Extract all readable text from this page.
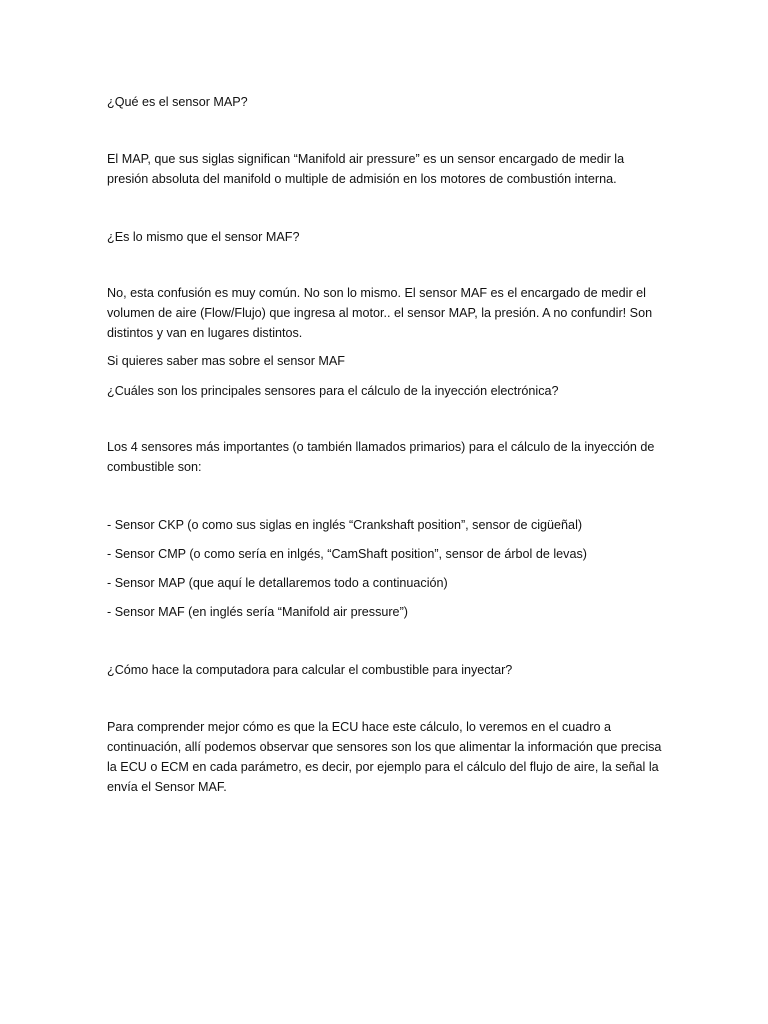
¿Qué es el sensor MAP?

El MAP, que sus siglas significan “Manifold air pressure” es un sensor encargado de medir la presión absoluta del manifold o multiple de admisión en los motores de combustión interna.

¿Es lo mismo que el sensor MAF?

No, esta confusión es muy común. No son lo mismo. El sensor MAF es el encargado de medir el volumen de aire (Flow/Flujo) que ingresa al motor.. el sensor MAP, la presión. A no confundir! Son distintos y van en lugares distintos.

Si quieres saber mas sobre el sensor MAF

¿Cuáles son los principales sensores para el cálculo de la inyección electrónica?

Los 4 sensores más importantes (o también llamados primarios) para el cálculo de la inyección de combustible son:

- Sensor CKP (o como sus siglas en inglés “Crankshaft position”, sensor de cigüeñal)

- Sensor CMP (o como sería en inlgés, “CamShaft position”, sensor de árbol de levas)

- Sensor MAP (que aquí le detallaremos todo a continuación)

- Sensor MAF (en inglés sería “Manifold air pressure”)

¿Cómo hace la computadora para calcular el combustible para inyectar?

Para comprender mejor cómo es que la ECU hace este cálculo, lo veremos en el cuadro a continuación, allí podemos observar que sensores son los que alimentar la información que precisa la ECU o ECM en cada parámetro, es decir, por ejemplo para el cálculo del flujo de aire, la señal la envía el Sensor MAF.
